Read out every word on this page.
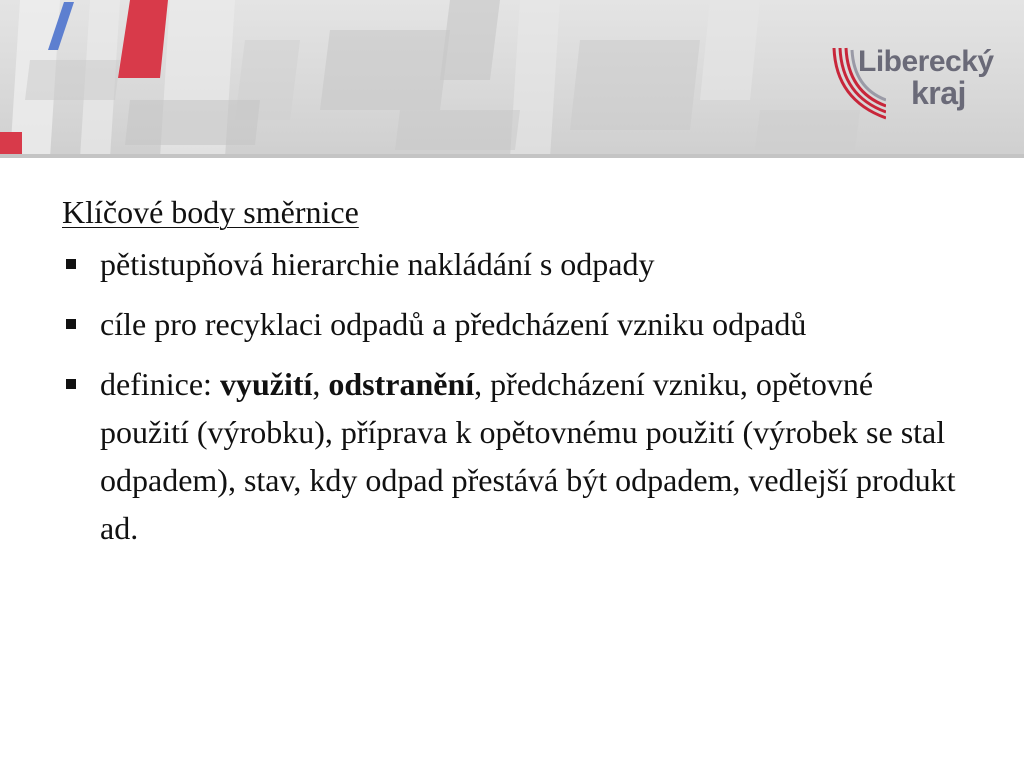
Liberecký
kraj
Klíčové body směrnice
pětistupňová hierarchie nakládání s odpady
cíle pro recyklaci odpadů a předcházení vzniku odpadů
definice: využití, odstranění, předcházení vzniku, opětovné použití (výrobku), příprava k opětovnému použití (výrobek se stal odpadem), stav, kdy odpad přestává být odpadem, vedlejší produkt ad.
